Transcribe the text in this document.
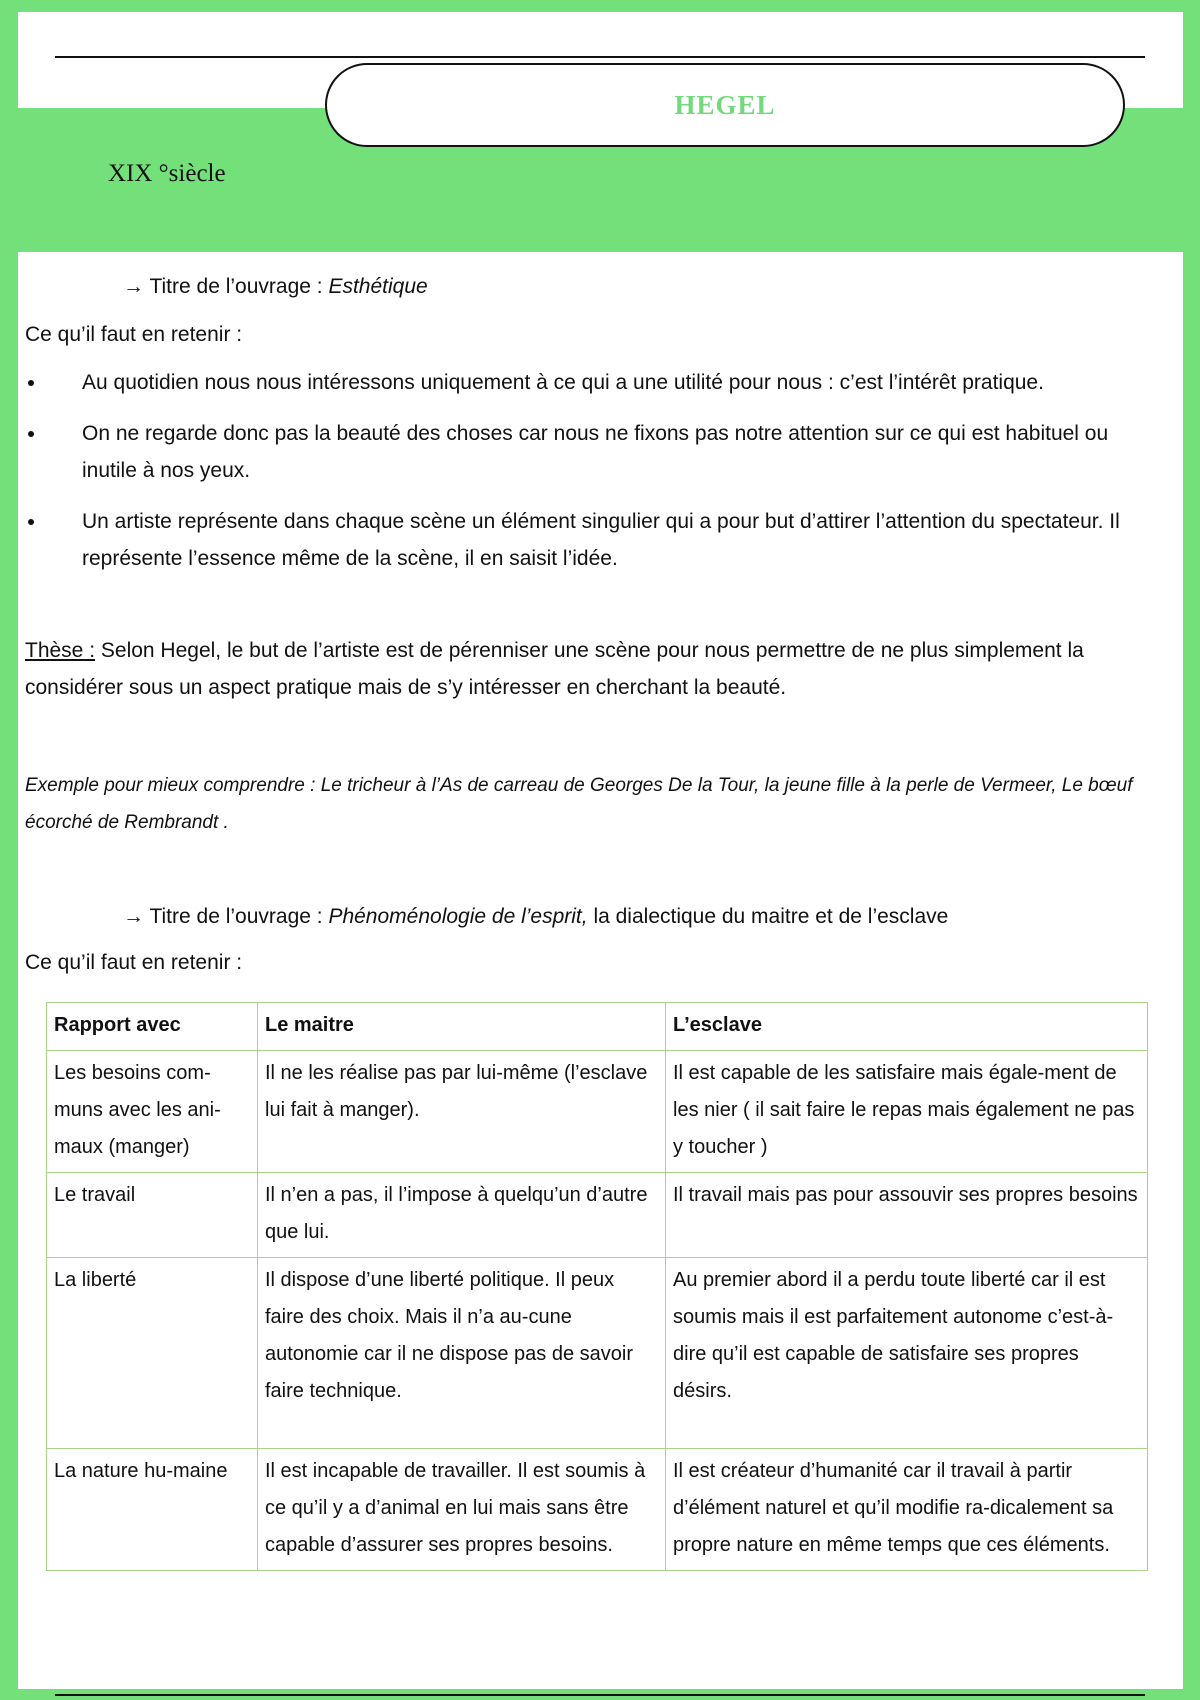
HEGEL
XIX °siècle

→ Titre de l’ouvrage : Esthétique

Ce qu’il faut en retenir :

Au quotidien nous nous intéressons uniquement à ce qui a une utilité pour nous : c’est l’intérêt pratique.
On ne regarde donc pas la beauté des choses car nous ne fixons pas notre attention sur ce qui est habituel ou inutile à nos yeux.
Un artiste représente dans chaque scène un élément singulier qui a pour but d’attirer l’attention du spectateur. Il représente l’essence même de la scène, il en saisit l’idée.

Thèse : Selon Hegel, le but de l’artiste est de pérenniser une scène pour nous permettre de ne plus simplement la considérer sous un aspect pratique mais de s’y intéresser en cherchant la beauté.

Exemple pour mieux comprendre : Le tricheur à l’As de carreau de Georges De la Tour, la jeune fille à la perle de Vermeer, Le bœuf écorché de Rembrandt .

→ Titre de l’ouvrage : Phénoménologie de l’esprit, la dialectique du maitre et de l’esclave

Ce qu’il faut en retenir :

Rapport avec	Le maitre	L’esclave
Les besoins com-muns avec les ani-maux (manger)	Il ne les réalise pas par lui-même (l’esclave lui fait à manger).	Il est capable de les satisfaire mais égale-ment de les nier ( il sait faire le repas mais également ne pas y toucher )
Le travail	Il n’en a pas, il l’impose à quelqu’un d’autre que lui.	Il travail mais pas pour assouvir ses propres besoins
La liberté	Il dispose d’une liberté politique. Il peux faire des choix. Mais il n’a au-cune autonomie car il ne dispose pas de savoir faire technique.	Au premier abord il a perdu toute liberté car il est soumis mais il est parfaitement autonome c’est-à-dire qu’il est capable de satisfaire ses propres désirs.
La nature hu-maine	Il est incapable de travailler. Il est soumis à ce qu’il y a d’animal en lui mais sans être capable d’assurer ses propres besoins.	Il est créateur d’humanité car il travail à partir d’élément naturel et qu’il modifie ra-dicalement sa propre nature en même temps que ces éléments.
